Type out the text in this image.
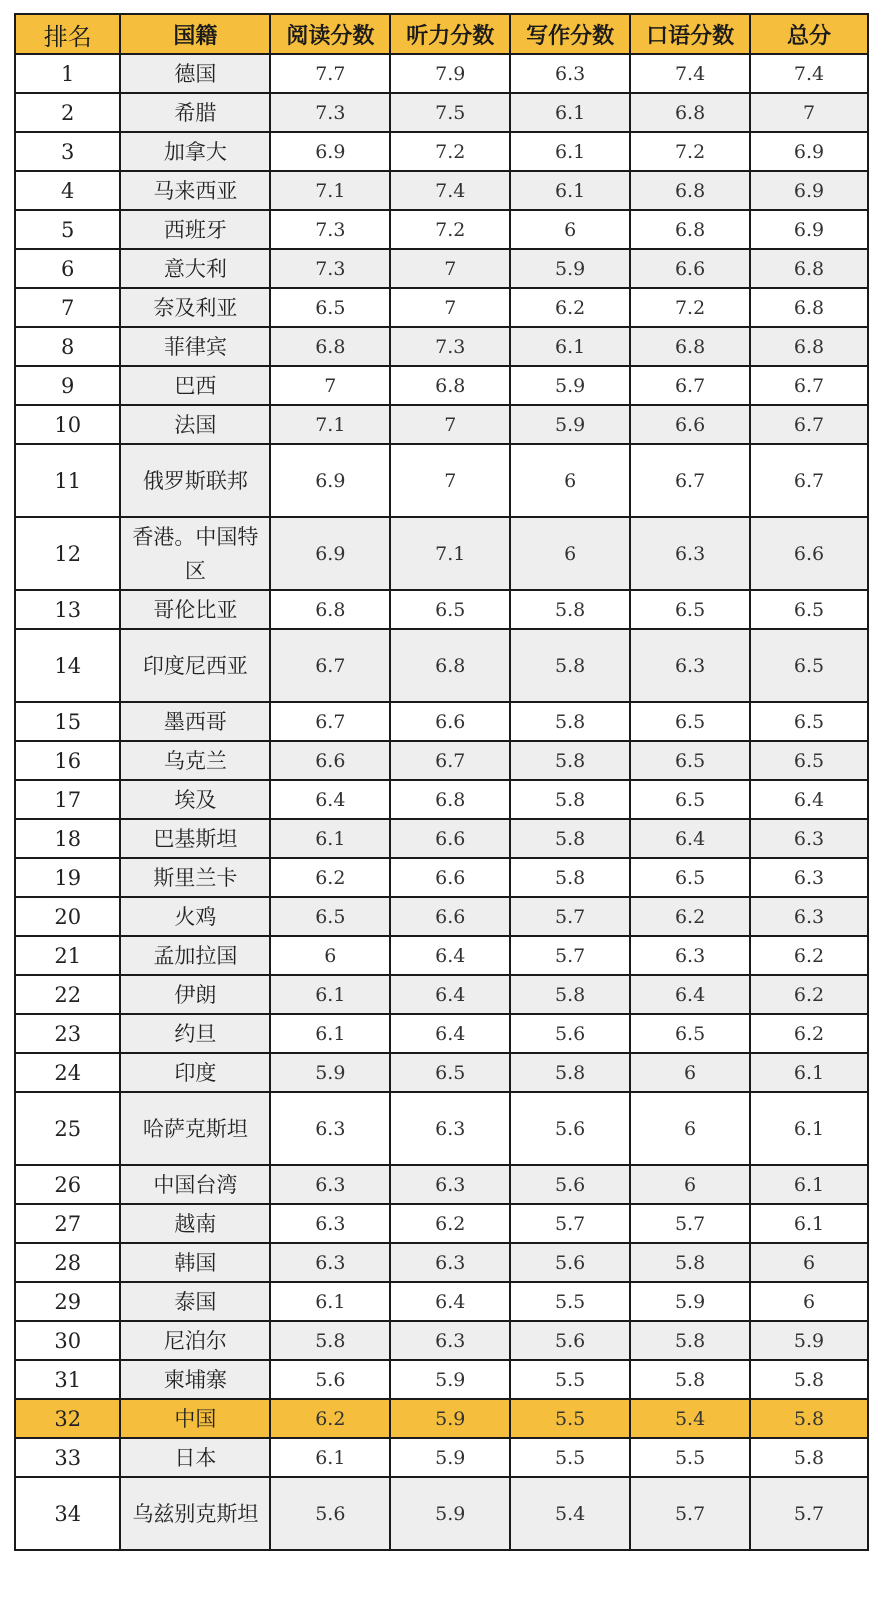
排名	国籍	阅读分数	听力分数	写作分数	口语分数	总分
1	德国	7.7	7.9	6.3	7.4	7.4
2	希腊	7.3	7.5	6.1	6.8	7
3	加拿大	6.9	7.2	6.1	7.2	6.9
4	马来西亚	7.1	7.4	6.1	6.8	6.9
5	西班牙	7.3	7.2	6	6.8	6.9
6	意大利	7.3	7	5.9	6.6	6.8
7	奈及利亚	6.5	7	6.2	7.2	6.8
8	菲律宾	6.8	7.3	6.1	6.8	6.8
9	巴西	7	6.8	5.9	6.7	6.7
10	法国	7.1	7	5.9	6.6	6.7
11	俄罗斯联邦	6.9	7	6	6.7	6.7
12	香港。中国特区	6.9	7.1	6	6.3	6.6
13	哥伦比亚	6.8	6.5	5.8	6.5	6.5
14	印度尼西亚	6.7	6.8	5.8	6.3	6.5
15	墨西哥	6.7	6.6	5.8	6.5	6.5
16	乌克兰	6.6	6.7	5.8	6.5	6.5
17	埃及	6.4	6.8	5.8	6.5	6.4
18	巴基斯坦	6.1	6.6	5.8	6.4	6.3
19	斯里兰卡	6.2	6.6	5.8	6.5	6.3
20	火鸡	6.5	6.6	5.7	6.2	6.3
21	孟加拉国	6	6.4	5.7	6.3	6.2
22	伊朗	6.1	6.4	5.8	6.4	6.2
23	约旦	6.1	6.4	5.6	6.5	6.2
24	印度	5.9	6.5	5.8	6	6.1
25	哈萨克斯坦	6.3	6.3	5.6	6	6.1
26	中国台湾	6.3	6.3	5.6	6	6.1
27	越南	6.3	6.2	5.7	5.7	6.1
28	韩国	6.3	6.3	5.6	5.8	6
29	泰国	6.1	6.4	5.5	5.9	6
30	尼泊尔	5.8	6.3	5.6	5.8	5.9
31	柬埔寨	5.6	5.9	5.5	5.8	5.8
32	中国	6.2	5.9	5.5	5.4	5.8
33	日本	6.1	5.9	5.5	5.5	5.8
34	乌兹别克斯坦	5.6	5.9	5.4	5.7	5.7
